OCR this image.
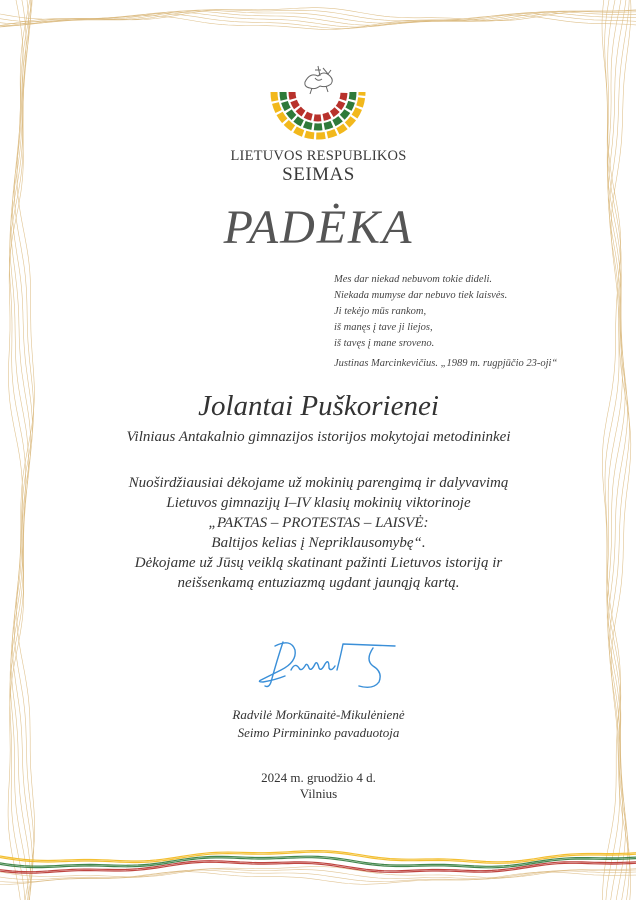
LIETUVOS RESPUBLIKOS
SEIMAS
PADĖKA
Mes dar niekad nebuvom tokie dideli.
Niekada mumyse dar nebuvo tiek laisvės.
Ji tekėjo mūs rankom,
iš manęs į tave ji liejos,
iš tavęs į mane sroveno.
Justinas Marcinkevičius. „1989 m. rugpjūčio 23-oji“
Jolantai Puškorienei
Vilniaus Antakalnio gimnazijos istorijos mokytojai metodininkei
Nuoširdžiausiai dėkojame už mokinių parengimą ir dalyvavimą
Lietuvos gimnazijų I–IV klasių mokinių viktorinoje
„PAKTAS – PROTESTAS – LAISVĖ:
Baltijos kelias į Nepriklausomybę“.
Dėkojame už Jūsų veiklą skatinant pažinti Lietuvos istoriją ir
neišsenkamą entuziazmą ugdant jaunąją kartą.
Radvilė Morkūnaitė-Mikulėnienė
Seimo Pirmininko pavaduotoja
2024 m. gruodžio 4 d.
Vilnius
